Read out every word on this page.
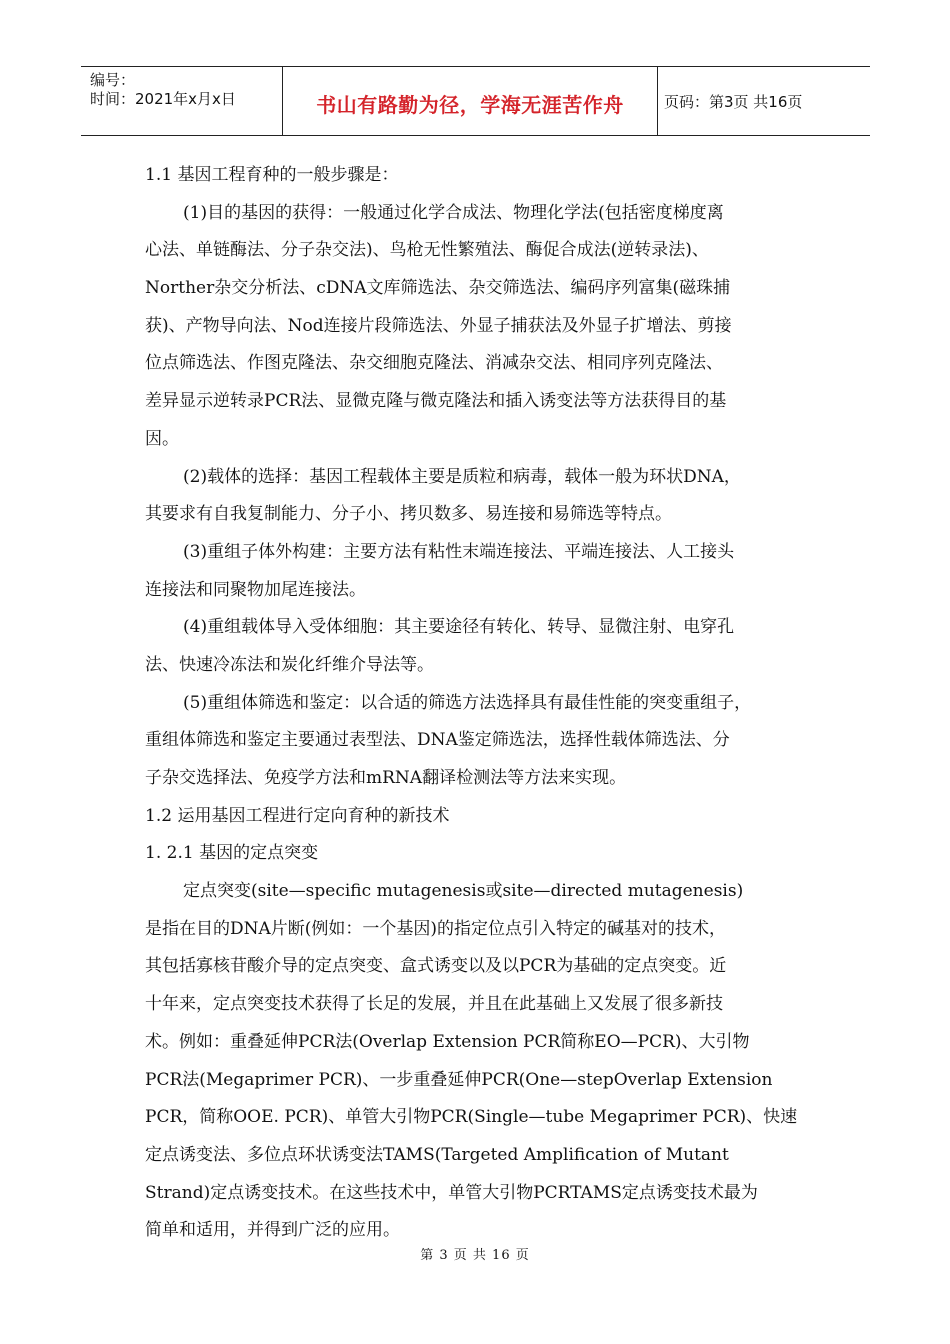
编号：
时间：2021年x月x日	书山有路勤为径，学海无涯苦作舟	页码：第3页 共16页
1.1 基因工程育种的一般步骤是：
(1)目的基因的获得：一般通过化学合成法、物理化学法(包括密度梯度离
心法、单链酶法、分子杂交法)、鸟枪无性繁殖法、酶促合成法(逆转录法)、
Norther杂交分析法、cDNA文库筛选法、杂交筛选法、编码序列富集(磁珠捕
获)、产物导向法、Nod连接片段筛选法、外显子捕获法及外显子扩增法、剪接
位点筛选法、作图克隆法、杂交细胞克隆法、消减杂交法、相同序列克隆法、
差异显示逆转录PCR法、显微克隆与微克隆法和插入诱变法等方法获得目的基
因。
(2)载体的选择：基因工程载体主要是质粒和病毒，载体一般为环状DNA，
其要求有自我复制能力、分子小、拷贝数多、易连接和易筛选等特点。
(3)重组子体外构建：主要方法有粘性末端连接法、平端连接法、人工接头
连接法和同聚物加尾连接法。
(4)重组载体导入受体细胞：其主要途径有转化、转导、显微注射、电穿孔
法、快速冷冻法和炭化纤维介导法等。
(5)重组体筛选和鉴定：以合适的筛选方法选择具有最佳性能的突变重组子，
重组体筛选和鉴定主要通过表型法、DNA鉴定筛选法，选择性载体筛选法、分
子杂交选择法、免疫学方法和mRNA翻译检测法等方法来实现。
1.2 运用基因工程进行定向育种的新技术
1. 2.1 基因的定点突变
定点突变(site—specific mutagenesis或site—directed mutagenesis)
是指在目的DNA片断(例如：一个基因)的指定位点引入特定的碱基对的技术，
其包括寡核苷酸介导的定点突变、盒式诱变以及以PCR为基础的定点突变。近
十年来，定点突变技术获得了长足的发展，并且在此基础上又发展了很多新技
术。例如：重叠延伸PCR法(Overlap Extension PCR简称EO—PCR)、大引物
PCR法(Megaprimer PCR)、一步重叠延伸PCR(One—stepOverlap Extension
PCR，简称OOE. PCR)、单管大引物PCR(Single—tube Megaprimer PCR)、快速
定点诱变法、多位点环状诱变法TAMS(Targeted Amplification of Mutant
Strand)定点诱变技术。在这些技术中，单管大引物PCRTAMS定点诱变技术最为
简单和适用，并得到广泛的应用。
第 3 页 共 16 页
